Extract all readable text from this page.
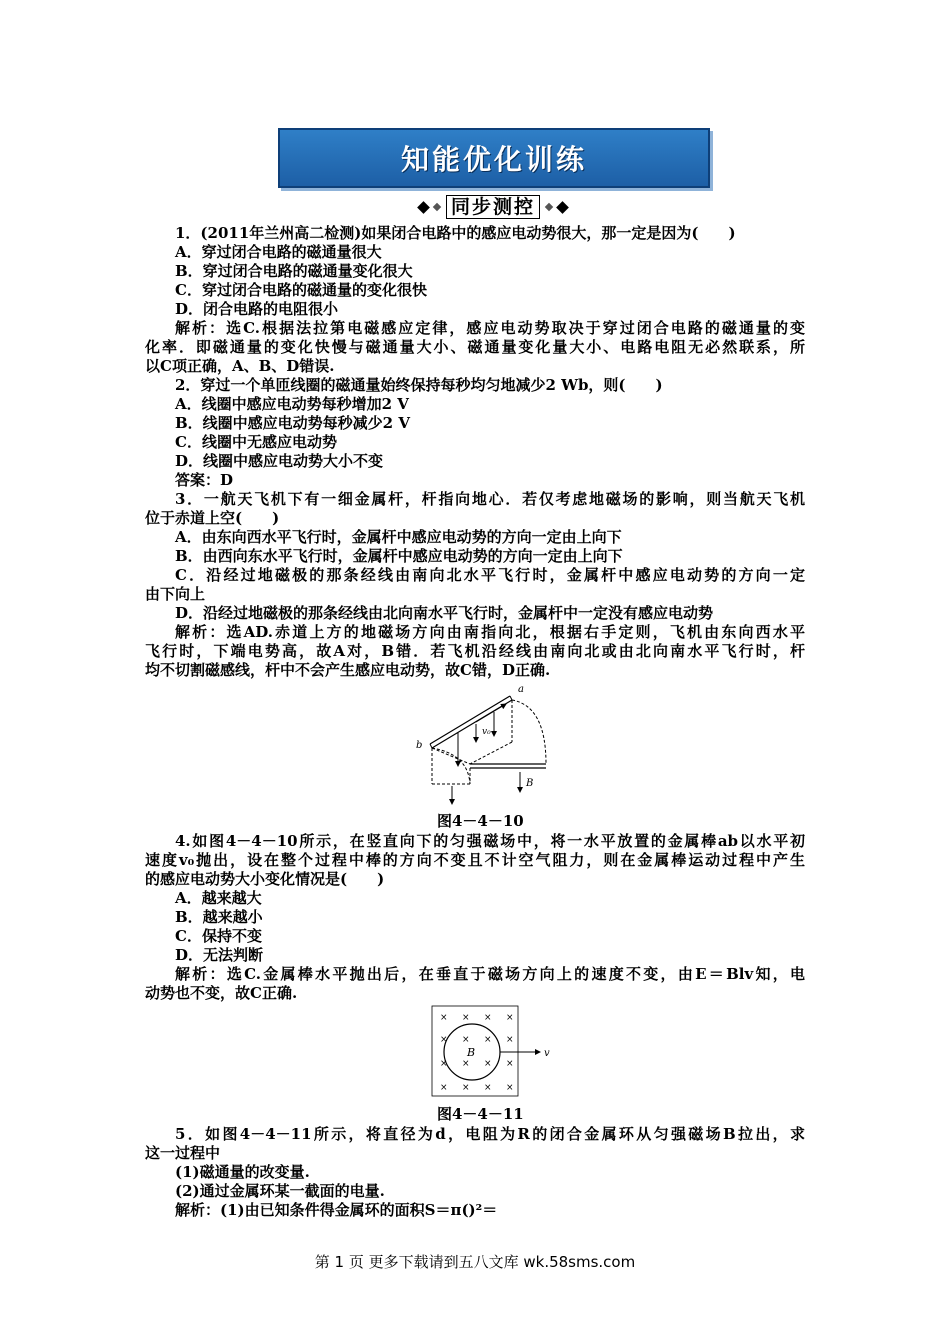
知能优化训练
同步测控
1．(2011年兰州高二检测)如果闭合电路中的感应电动势很大，那一定是因为(　　)
A．穿过闭合电路的磁通量很大
B．穿过闭合电路的磁通量变化很大
C．穿过闭合电路的磁通量的变化很快
D．闭合电路的电阻很小
解析：选C.根据法拉第电磁感应定律，感应电动势取决于穿过闭合电路的磁通量的变
化率．即磁通量的变化快慢与磁通量大小、磁通量变化量大小、电路电阻无必然联系，所
以C项正确，A、B、D错误.
2．穿过一个单匝线圈的磁通量始终保持每秒均匀地减少2 Wb，则(　　)
A．线圈中感应电动势每秒增加2 V
B．线圈中感应电动势每秒减少2 V
C．线圈中无感应电动势
D．线圈中感应电动势大小不变
答案：D
3．一航天飞机下有一细金属杆，杆指向地心．若仅考虑地磁场的影响，则当航天飞机
位于赤道上空(　　)
A．由东向西水平飞行时，金属杆中感应电动势的方向一定由上向下
B．由西向东水平飞行时，金属杆中感应电动势的方向一定由上向下
C．沿经过地磁极的那条经线由南向北水平飞行时，金属杆中感应电动势的方向一定
由下向上
D．沿经过地磁极的那条经线由北向南水平飞行时，金属杆中一定没有感应电动势
解析：选AD.赤道上方的地磁场方向由南指向北，根据右手定则，飞机由东向西水平
飞行时，下端电势高，故A对，B错．若飞机沿经线由南向北或由北向南水平飞行时，杆
均不切割磁感线，杆中不会产生感应电动势，故C错，D正确.
a
b
v₀
B
图4－4－10
4.如图4－4－10所示，在竖直向下的匀强磁场中，将一水平放置的金属棒ab以水平初
速度v₀抛出，设在整个过程中棒的方向不变且不计空气阻力，则在金属棒运动过程中产生
的感应电动势大小变化情况是(　　)
A．越来越大
B．越来越小
C．保持不变
D．无法判断
解析：选C.金属棒水平抛出后，在垂直于磁场方向上的速度不变，由E＝Blv知，电
动势也不变，故C正确.
× × × ×
× × × ×
× × × ×
× × × ×
B	v
图4－4－11
5．如图4－4－11所示，将直径为d，电阻为R的闭合金属环从匀强磁场B拉出，求
这一过程中
(1)磁通量的改变量.
(2)通过金属环某一截面的电量.
解析：(1)由已知条件得金属环的面积S＝π()²＝
第 1 页 更多下载请到五八文库 wk.58sms.com
